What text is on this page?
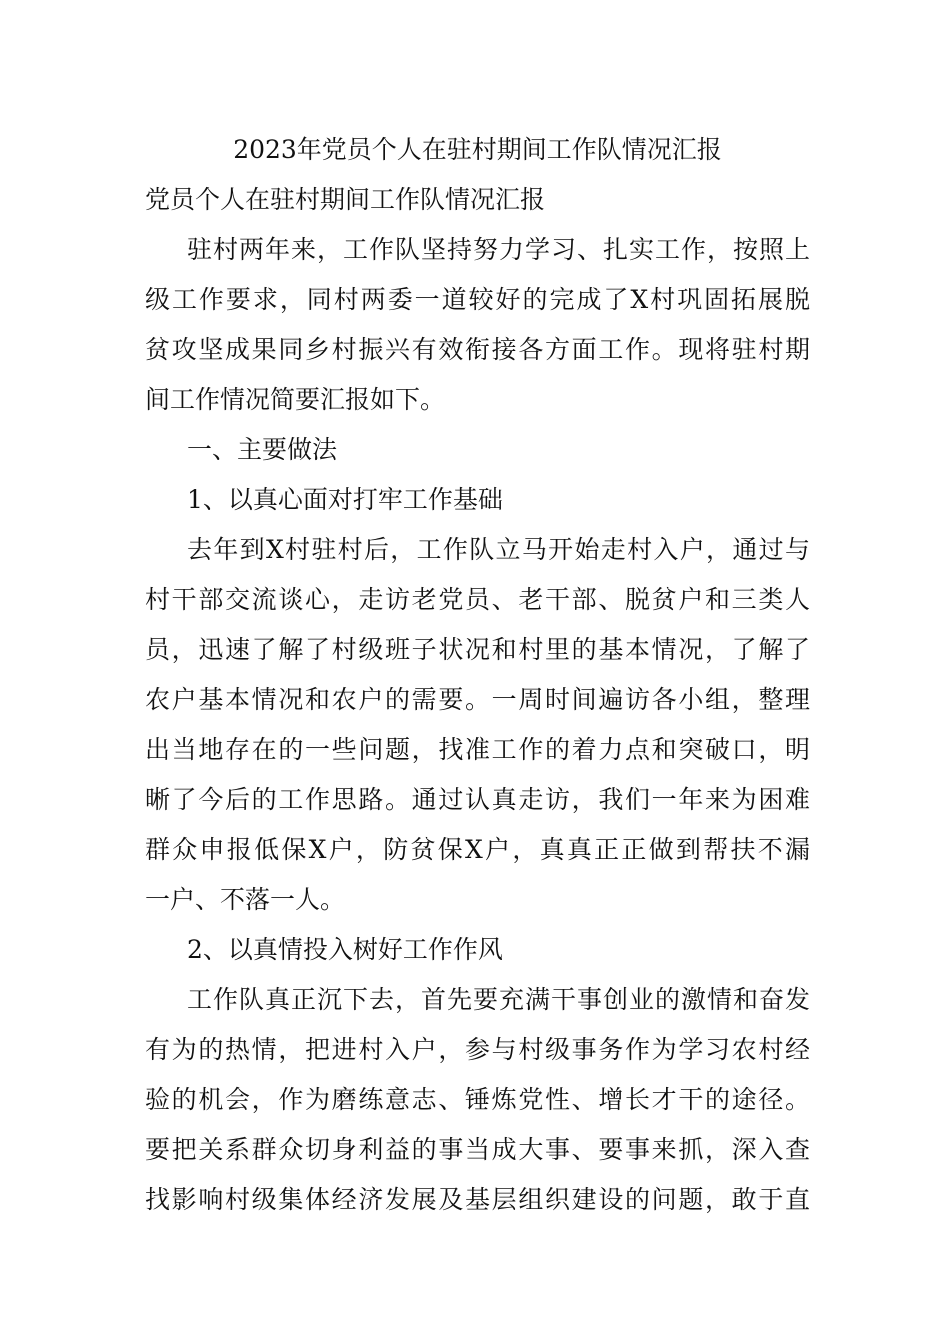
2023年党员个人在驻村期间工作队情况汇报
党员个人在驻村期间工作队情况汇报

驻村两年来，工作队坚持努力学习、扎实工作，按照上
级工作要求，同村两委一道较好的完成了X村巩固拓展脱
贫攻坚成果同乡村振兴有效衔接各方面工作。现将驻村期
间工作情况简要汇报如下。

一、主要做法

1、以真心面对打牢工作基础

去年到X村驻村后，工作队立马开始走村入户，通过与
村干部交流谈心，走访老党员、老干部、脱贫户和三类人
员，迅速了解了村级班子状况和村里的基本情况，了解了
农户基本情况和农户的需要。一周时间遍访各小组，整理
出当地存在的一些问题，找准工作的着力点和突破口，明
晰了今后的工作思路。通过认真走访，我们一年来为困难
群众申报低保X户，防贫保X户，真真正正做到帮扶不漏
一户、不落一人。

2、以真情投入树好工作作风

工作队真正沉下去，首先要充满干事创业的激情和奋发
有为的热情，把进村入户，参与村级事务作为学习农村经
验的机会，作为磨练意志、锤炼党性、增长才干的途径。
要把关系群众切身利益的事当成大事、要事来抓，深入查
找影响村级集体经济发展及基层组织建设的问题，敢于直
